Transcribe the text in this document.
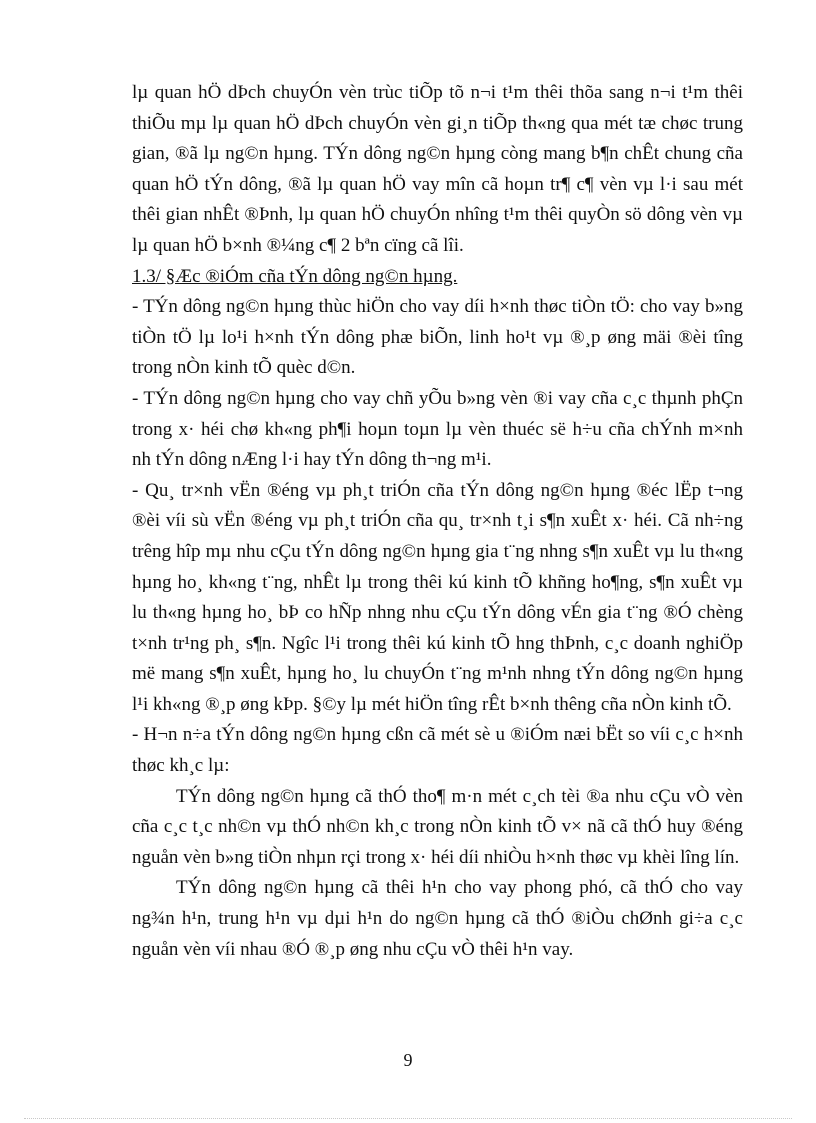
lµ quan hÖ dÞch chuyÓn vèn trùc tiÕp tõ n¬i t¹m thêi thõa sang n¬i t¹m thêi thiÕu mµ lµ quan hÖ dÞch chuyÓn vèn gi¸n tiÕp th«ng qua mét tæ chøc trung gian, ®ã lµ ng©n hµng. TÝn dông ng©n hµng còng mang b¶n chÊt chung cña quan hÖ tÝn dông, ®ã lµ quan hÖ vay mîn cã hoµn tr¶ c¶ vèn vµ l·i sau mét thêi gian nhÊt ®Þnh, lµ quan hÖ chuyÓn nhîng t¹m thêi quyÒn sö dông vèn vµ lµ quan hÖ b×nh ®¼ng c¶ 2 bªn cïng cã lîi.

1.3/ §Æc ®iÓm cña tÝn dông ng©n hµng.

- TÝn dông ng©n hµng thùc hiÖn cho vay díi h×nh thøc tiÒn tÖ: cho vay b»ng tiÒn tÖ lµ lo¹i h×nh tÝn dông phæ biÕn, linh ho¹t vµ ®¸p øng mäi ®èi tîng trong nÒn kinh tÕ quèc d©n.

- TÝn dông ng©n hµng cho vay chñ yÕu b»ng vèn ®i vay cña c¸c thµnh phÇn trong x· héi chø kh«ng ph¶i hoµn toµn lµ vèn thuéc së h÷u cña chÝnh m×nh nh tÝn dông nÆng l·i hay tÝn dông th¬ng m¹i.

- Qu¸ tr×nh vËn ®éng vµ ph¸t triÓn cña tÝn dông ng©n hµng ®éc lËp t¬ng ®èi víi sù vËn ®éng vµ ph¸t triÓn cña qu¸ tr×nh t¸i s¶n xuÊt x· héi. Cã nh÷ng trêng hîp mµ nhu cÇu tÝn dông ng©n hµng gia t¨ng nhng s¶n xuÊt vµ lu th«ng hµng ho¸ kh«ng t¨ng, nhÊt lµ trong thêi kú kinh tÕ khñng ho¶ng, s¶n xuÊt vµ lu th«ng hµng ho¸ bÞ co hÑp nhng nhu cÇu tÝn dông vÉn gia t¨ng ®Ó chèng t×nh tr¹ng ph¸ s¶n. Ngîc l¹i trong thêi kú kinh tÕ hng thÞnh, c¸c doanh nghiÖp më mang s¶n xuÊt, hµng ho¸ lu chuyÓn t¨ng m¹nh nhng tÝn dông ng©n hµng l¹i kh«ng ®¸p øng kÞp. §©y lµ mét hiÖn tîng rÊt b×nh thêng cña nÒn kinh tÕ.

- H¬n n÷a tÝn dông ng©n hµng cßn cã mét sè u ®iÓm næi bËt so víi c¸c h×nh thøc kh¸c lµ:

TÝn dông ng©n hµng cã thÓ tho¶ m·n mét c¸ch tèi ®a nhu cÇu vÒ vèn cña c¸c t¸c nh©n vµ thÓ nh©n kh¸c trong nÒn kinh tÕ v× nã cã thÓ huy ®éng nguån vèn b»ng tiÒn nhµn rçi trong x· héi díi nhiÒu h×nh thøc vµ khèi lîng lín.

TÝn dông ng©n hµng cã thêi h¹n cho vay phong phó, cã thÓ cho vay ng¾n h¹n, trung h¹n vµ dµi h¹n do ng©n hµng cã thÓ ®iÒu chØnh gi÷a c¸c nguån vèn víi nhau ®Ó ®¸p øng nhu cÇu vÒ thêi h¹n vay.

9
